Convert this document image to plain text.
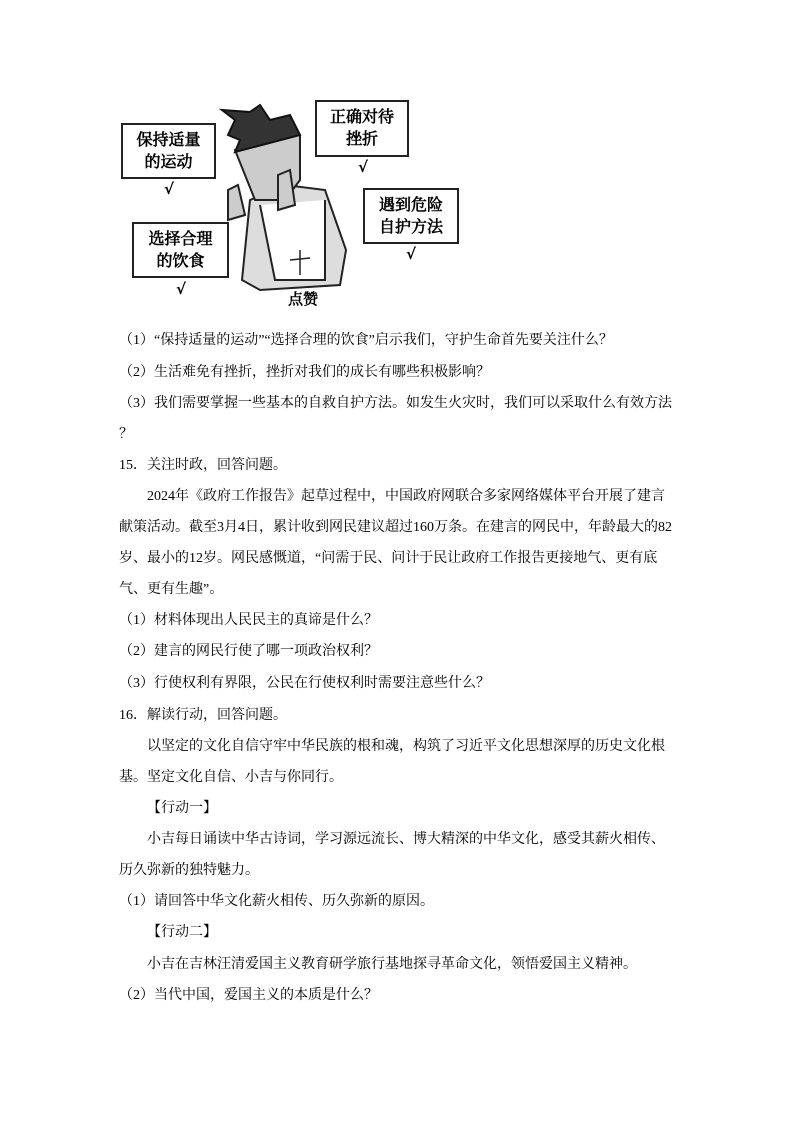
保持适量
的运动
√
选择合理
的饮食
√
正确对待
挫折
√
遇到危险
自护方法
√
点赞
（1）“保持适量的运动”“选择合理的饮食”启示我们，守护生命首先要关注什么？
（2）生活难免有挫折，挫折对我们的成长有哪些积极影响？
（3）我们需要掌握一些基本的自救自护方法。如发生火灾时，我们可以采取什么有效方法
？
15．关注时政，回答问题。
2024年《政府工作报告》起草过程中，中国政府网联合多家网络媒体平台开展了建言
献策活动。截至3月4日，累计收到网民建议超过160万条。在建言的网民中，年龄最大的82
岁、最小的12岁。网民感慨道，“问需于民、问计于民让政府工作报告更接地气、更有底
气、更有生趣”。
（1）材料体现出人民民主的真谛是什么？
（2）建言的网民行使了哪一项政治权利？
（3）行使权利有界限，公民在行使权利时需要注意些什么？
16．解读行动，回答问题。
以坚定的文化自信守牢中华民族的根和魂，构筑了习近平文化思想深厚的历史文化根
基。坚定文化自信、小吉与你同行。
【行动一】
小吉每日诵读中华古诗词，学习源远流长、博大精深的中华文化，感受其薪火相传、
历久弥新的独特魅力。
（1）请回答中华文化薪火相传、历久弥新的原因。
【行动二】
小吉在吉林汪清爱国主义教育研学旅行基地探寻革命文化，领悟爱国主义精神。
（2）当代中国，爱国主义的本质是什么？
